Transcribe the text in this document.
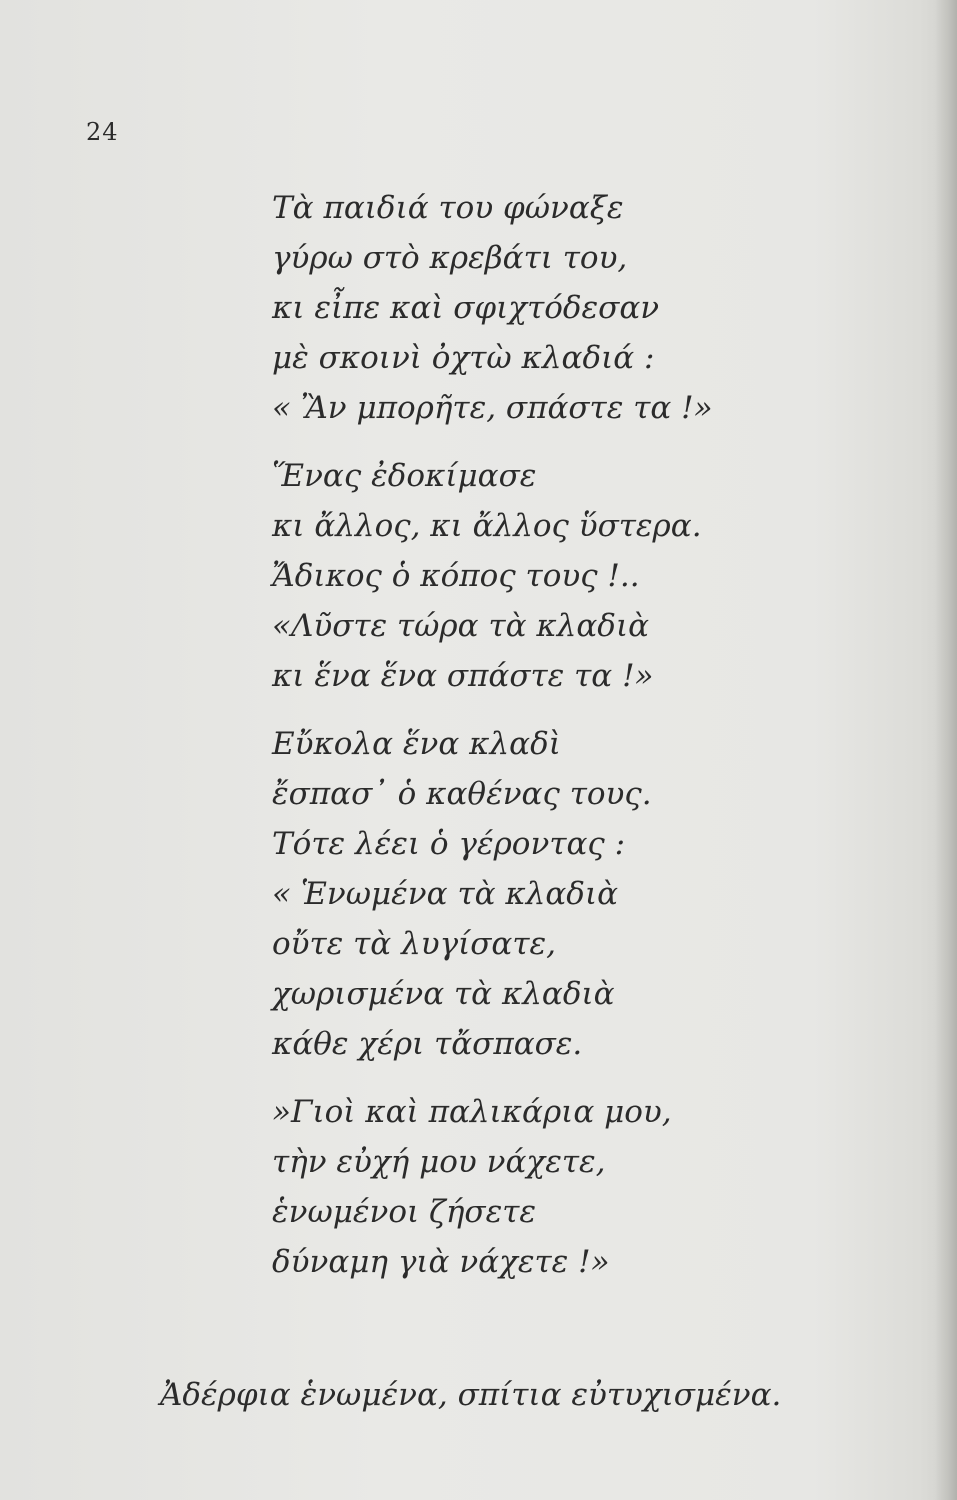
24
Τὰ παιδιά του φώναξε
γύρω στὸ κρεβάτι του,
κι εἶπε καὶ σφιχτόδεσαν
μὲ σκοινὶ ὀχτὼ κλαδιά :
« Ἂν μπορῆτε, σπάστε τα !»
Ἕνας ἐδοκίμασε
κι ἄλλος, κι ἄλλος ὕστερα.
Ἄδικος ὁ κόπος τους !..
«Λῦστε τώρα τὰ κλαδιὰ
κι ἕνα ἕνα σπάστε τα !»
Εὔκολα ἕνα κλαδὶ
ἔσπασ᾽ ὁ καθένας τους.
Τότε λέει ὁ γέροντας :
« Ἑνωμένα τὰ κλαδιὰ
οὔτε τὰ λυγίσατε,
χωρισμένα τὰ κλαδιὰ
κάθε χέρι τἄσπασε.
»Γιοὶ καὶ παλικάρια μου,
τὴν εὐχή μου νάχετε,
ἑνωμένοι ζήσετε
δύναμη γιὰ νάχετε !»
Ἀδέρφια ἑνωμένα, σπίτια εὐτυχισμένα.
